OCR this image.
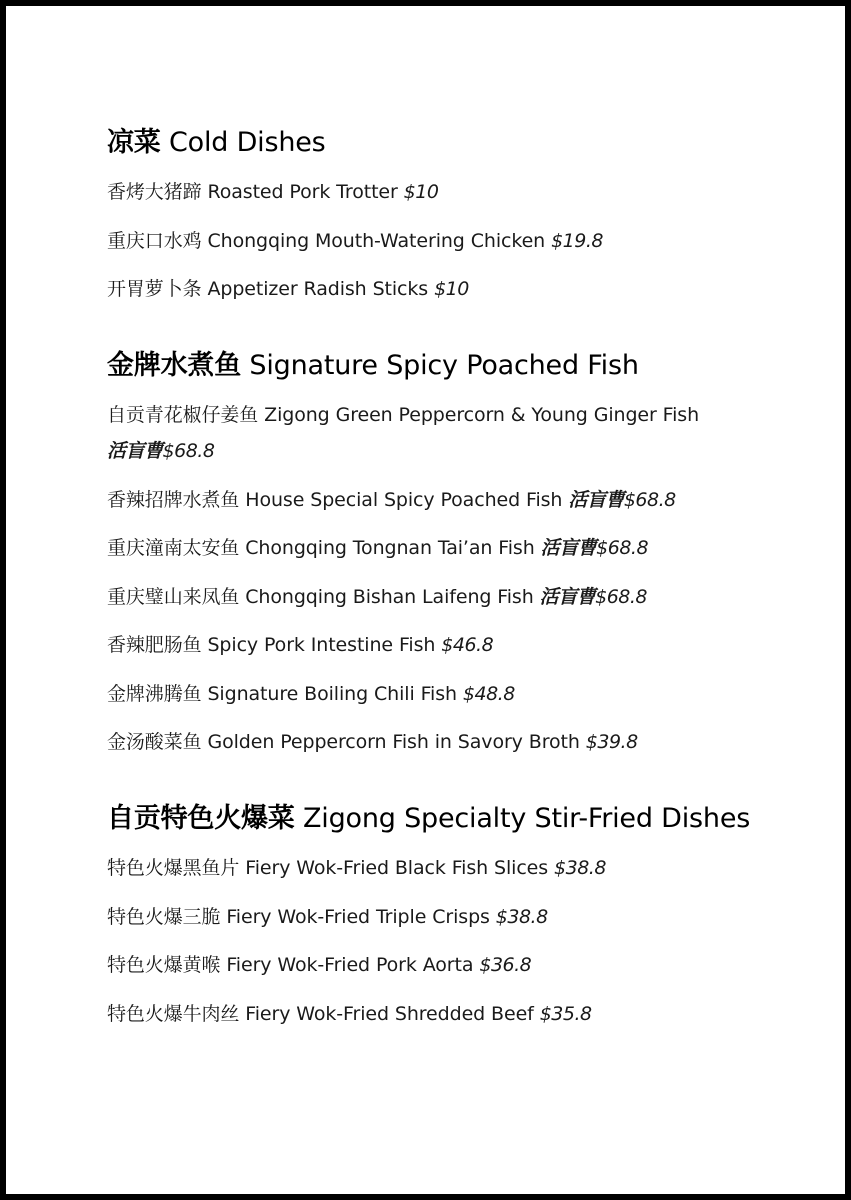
凉菜 Cold Dishes
香烤大猪蹄 Roasted Pork Trotter $10
重庆口水鸡 Chongqing Mouth-Watering Chicken $19.8
开胃萝卜条 Appetizer Radish Sticks $10
金牌水煮鱼 Signature Spicy Poached Fish
自贡青花椒仔姜鱼 Zigong Green Peppercorn & Young Ginger Fish
活盲曹$68.8
香辣招牌水煮鱼 House Special Spicy Poached Fish 活盲曹$68.8
重庆潼南太安鱼 Chongqing Tongnan Tai’an Fish 活盲曹$68.8
重庆璧山来凤鱼 Chongqing Bishan Laifeng Fish 活盲曹$68.8
香辣肥肠鱼 Spicy Pork Intestine Fish $46.8
金牌沸腾鱼 Signature Boiling Chili Fish $48.8
金汤酸菜鱼 Golden Peppercorn Fish in Savory Broth $39.8
自贡特色火爆菜 Zigong Specialty Stir-Fried Dishes
特色火爆黑鱼片 Fiery Wok-Fried Black Fish Slices $38.8
特色火爆三脆 Fiery Wok-Fried Triple Crisps $38.8
特色火爆黄喉 Fiery Wok-Fried Pork Aorta $36.8
特色火爆牛肉丝 Fiery Wok-Fried Shredded Beef $35.8
